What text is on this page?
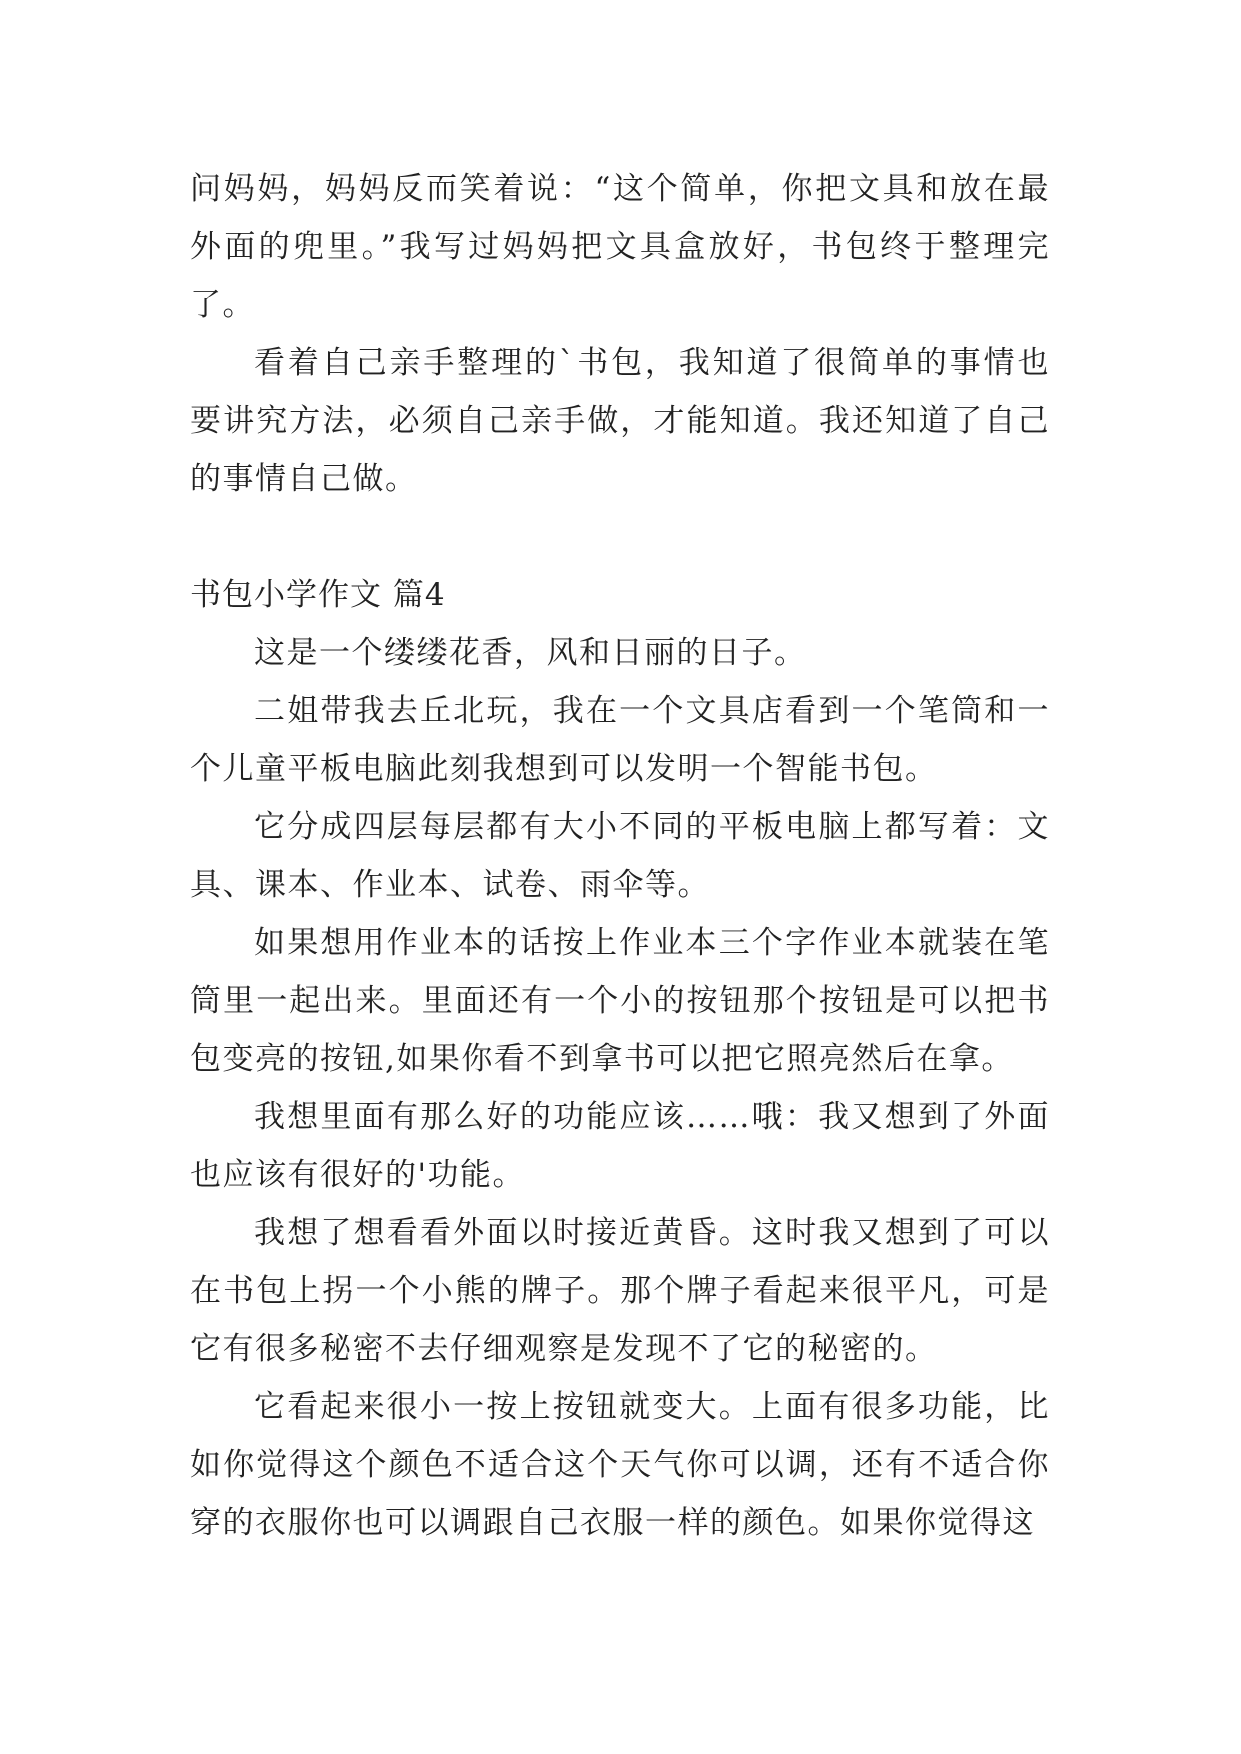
问妈妈，妈妈反而笑着说：“这个简单，你把文具和放在最外面的兜里。”我写过妈妈把文具盒放好，书包终于整理完了。

看着自己亲手整理的`书包，我知道了很简单的事情也要讲究方法，必须自己亲手做，才能知道。我还知道了自己的事情自己做。

书包小学作文 篇4

这是一个缕缕花香，风和日丽的日子。

二姐带我去丘北玩，我在一个文具店看到一个笔筒和一个儿童平板电脑此刻我想到可以发明一个智能书包。

它分成四层每层都有大小不同的平板电脑上都写着：文具、课本、作业本、试卷、雨伞等。

如果想用作业本的话按上作业本三个字作业本就装在笔筒里一起出来。里面还有一个小的按钮那个按钮是可以把书包变亮的按钮,如果你看不到拿书可以把它照亮然后在拿。

我想里面有那么好的功能应该……哦：我又想到了外面也应该有很好的'功能。

我想了想看看外面以时接近黄昏。这时我又想到了可以在书包上拐一个小熊的牌子。那个牌子看起来很平凡，可是它有很多秘密不去仔细观察是发现不了它的秘密的。

它看起来很小一按上按钮就变大。上面有很多功能，比如你觉得这个颜色不适合这个天气你可以调，还有不适合你穿的衣服你也可以调跟自己衣服一样的颜色。如果你觉得这
